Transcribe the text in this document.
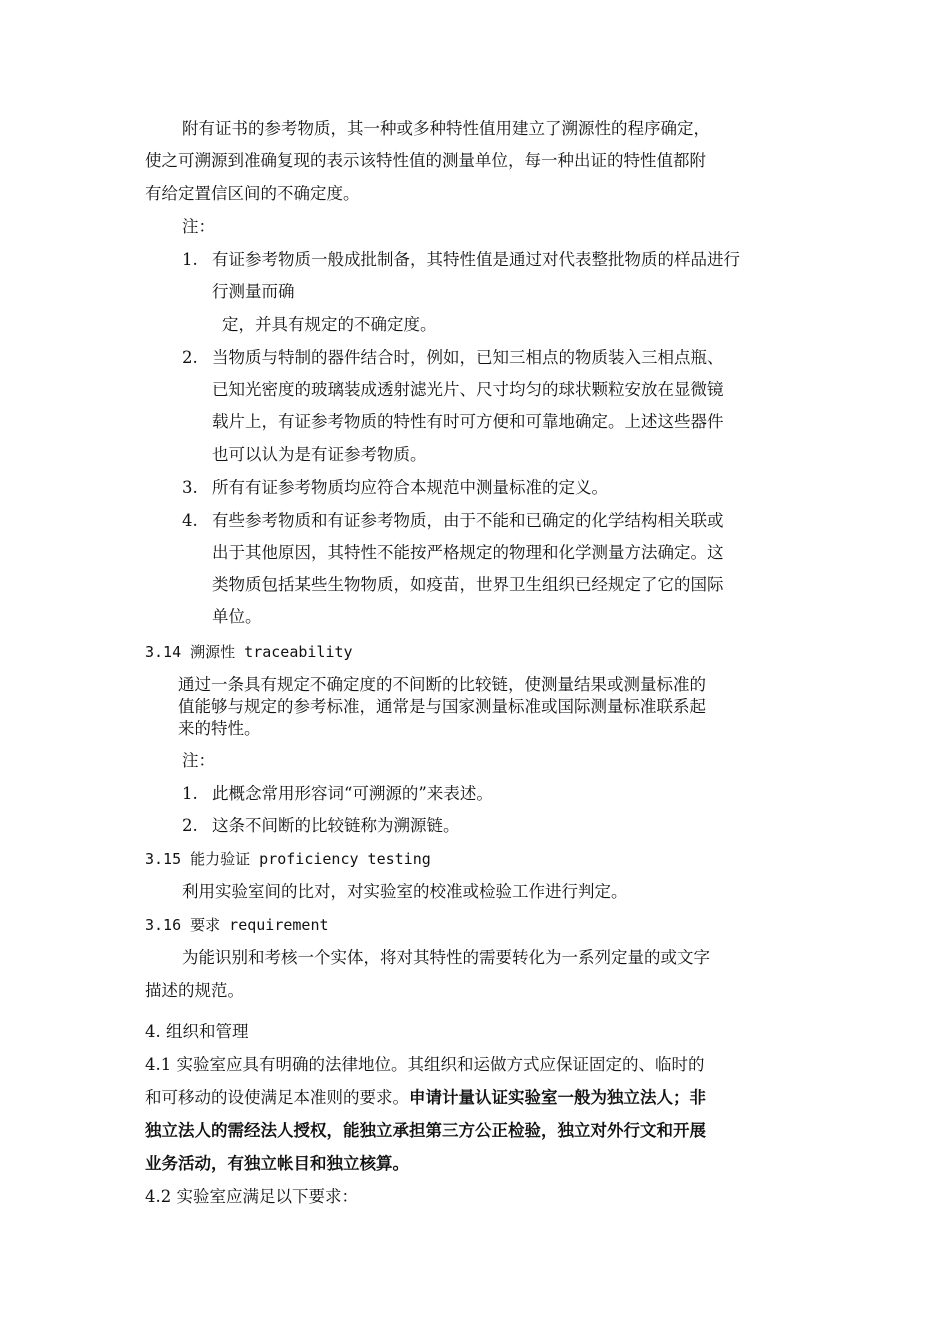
附有证书的参考物质，其一种或多种特性值用建立了溯源性的程序确定，
使之可溯源到准确复现的表示该特性值的测量单位，每一种出证的特性值都附
有给定置信区间的不确定度。
注：
1. 有证参考物质一般成批制备，其特性值是通过对代表整批物质的样品进行
行测量而确
定，并具有规定的不确定度。
2. 当物质与特制的器件结合时，例如，已知三相点的物质装入三相点瓶、
已知光密度的玻璃装成透射滤光片、尺寸均匀的球状颗粒安放在显微镜
载片上，有证参考物质的特性有时可方便和可靠地确定。上述这些器件
也可以认为是有证参考物质。
3. 所有有证参考物质均应符合本规范中测量标准的定义。
4. 有些参考物质和有证参考物质，由于不能和已确定的化学结构相关联或
出于其他原因，其特性不能按严格规定的物理和化学测量方法确定。这
类物质包括某些生物物质，如疫苗，世界卫生组织已经规定了它的国际
单位。
3.14 溯源性 traceability
通过一条具有规定不确定度的不间断的比较链，使测量结果或测量标准的
值能够与规定的参考标准，通常是与国家测量标准或国际测量标准联系起
来的特性。
注：
1. 此概念常用形容词“可溯源的”来表述。
2. 这条不间断的比较链称为溯源链。
3.15 能力验证 proficiency testing
利用实验室间的比对，对实验室的校准或检验工作进行判定。
3.16 要求 requirement
为能识别和考核一个实体，将对其特性的需要转化为一系列定量的或文字
描述的规范。
4. 组织和管理
4.1 实验室应具有明确的法律地位。其组织和运做方式应保证固定的、临时的
和可移动的设使满足本准则的要求。申请计量认证实验室一般为独立法人；非
独立法人的需经法人授权，能独立承担第三方公正检验，独立对外行文和开展
业务活动，有独立帐目和独立核算。
4.2 实验室应满足以下要求：
